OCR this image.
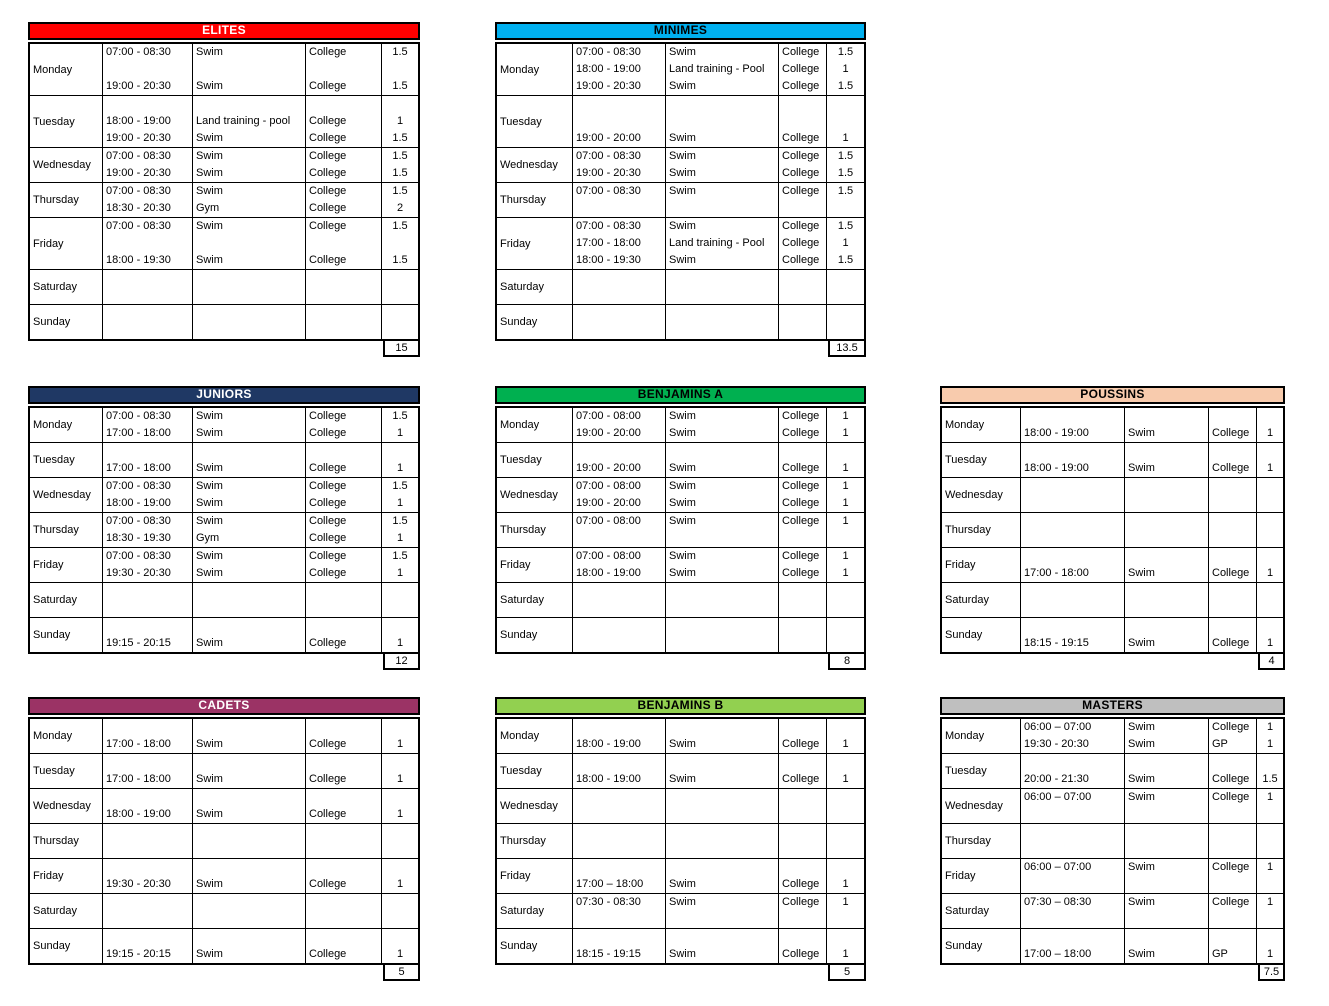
ELITES
Monday
07:00 - 08:30	Swim	College	1.5
19:00 - 20:30	Swim	College	1.5
Tuesday	18:00 - 19:00	Land training - pool	College	1
19:00 - 20:30	Swim	College	1.5
Wednesday
07:00 - 08:30	Swim	College	1.5
19:00 - 20:30	Swim	College	1.5
Thursday
07:00 - 08:30	Swim	College	1.5
18:30 - 20:30	Gym	College	2
Friday
07:00 - 08:30	Swim	College	1.5
18:00 - 19:30	Swim	College	1.5
Saturday
Sunday
15
MINIMES
Monday
07:00 - 08:30	Swim	College	1.5
18:00 - 19:00	Land training - Pool	College	1
19:00 - 20:30	Swim	College	1.5
Tuesday
19:00 - 20:00	Swim	College	1
Wednesday
07:00 - 08:30	Swim	College	1.5
19:00 - 20:30	Swim	College	1.5
Thursday
07:00 - 08:30	Swim	College	1.5
Friday
07:00 - 08:30	Swim	College	1.5
17:00 - 18:00	Land training - Pool	College	1
18:00 - 19:30	Swim	College	1.5
Saturday
Sunday
13.5
JUNIORS
Monday
07:00 - 08:30	Swim	College	1.5
17:00 - 18:00	Swim	College	1
Tuesday
17:00 - 18:00	Swim	College	1
Wednesday
07:00 - 08:30	Swim	College	1.5
18:00 - 19:00	Swim	College	1
Thursday
07:00 - 08:30	Swim	College	1.5
18:30 - 19:30	Gym	College	1
Friday
07:00 - 08:30	Swim	College	1.5
19:30 - 20:30	Swim	College	1
Saturday
Sunday
19:15 - 20:15	Swim	College	1
12
BENJAMINS A
Monday
07:00 - 08:00	Swim	College	1
19:00 - 20:00	Swim	College	1
Tuesday
19:00 - 20:00	Swim	College	1
Wednesday
07:00 - 08:00	Swim	College	1
19:00 - 20:00	Swim	College	1
Thursday
07:00 - 08:00	Swim	College	1
Friday
07:00 - 08:00	Swim	College	1
18:00 - 19:00	Swim	College	1
Saturday
Sunday
8
POUSSINS
Monday
18:00 - 19:00	Swim	College	1
Tuesday
18:00 - 19:00	Swim	College	1
Wednesday
Thursday
Friday
17:00 - 18:00	Swim	College	1
Saturday
Sunday
18:15 - 19:15	Swim	College	1
4
CADETS
Monday
17:00 - 18:00	Swim	College	1
Tuesday
17:00 - 18:00	Swim	College	1
Wednesday
18:00 - 19:00	Swim	College	1
Thursday
Friday
19:30 - 20:30	Swim	College	1
Saturday
Sunday
19:15 - 20:15	Swim	College	1
5
BENJAMINS B
Monday
18:00 - 19:00	Swim	College	1
Tuesday
18:00 - 19:00	Swim	College	1
Wednesday
Thursday
Friday
17:00 – 18:00	Swim	College	1
Saturday
07:30 - 08:30	Swim	College	1
Sunday
18:15 - 19:15	Swim	College	1
5
MASTERS
Monday
06:00 – 07:00	Swim	College	1
19:30 - 20:30	Swim	GP	1
Tuesday
20:00 - 21:30	Swim	College	1.5
Wednesday
06:00 – 07:00	Swim	College	1
Thursday
Friday
06:00 – 07:00	Swim	College	1
Saturday
07:30 – 08:30	Swim	College	1
Sunday
17:00 – 18:00	Swim	GP	1
7.5
